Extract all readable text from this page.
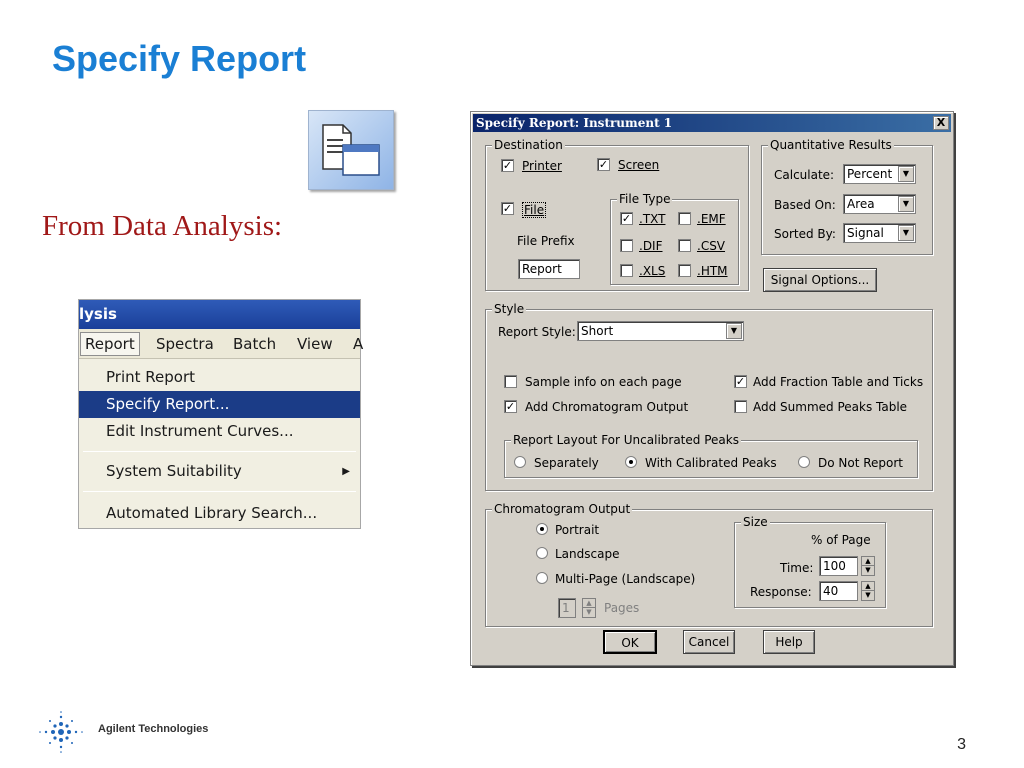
Specify Report
From Data Analysis:
lysis
Report	Spectra Batch View A
Print Report
Specify Report...
Edit Instrument Curves...
System Suitability	▶
Automated Library Search...
Specify Report: Instrument 1	X
Destination
✓ Printer	✓ Screen
✓ File
File Prefix
Report
File Type
✓ .TXT	.EMF
.DIF	.CSV
.XLS	.HTM
Quantitative Results
Calculate: Percent	▼
Based On: Area	▼
Sorted By: Signal	▼
Signal Options...
Style
Report Style: Short	▼
Sample info on each page
✓ Add Chromatogram Output
✓ Add Fraction Table and Ticks
Add Summed Peaks Table
Report Layout For Uncalibrated Peaks
Separately	With Calibrated Peaks	Do Not Report
Chromatogram Output
Portrait
Landscape
Multi-Page (Landscape)
1	▲
▼ Pages
Size
% of Page
Time: 100	▲
▼
Response: 40	▲
▼
OK	Cancel	Help
Agilent Technologies
3
